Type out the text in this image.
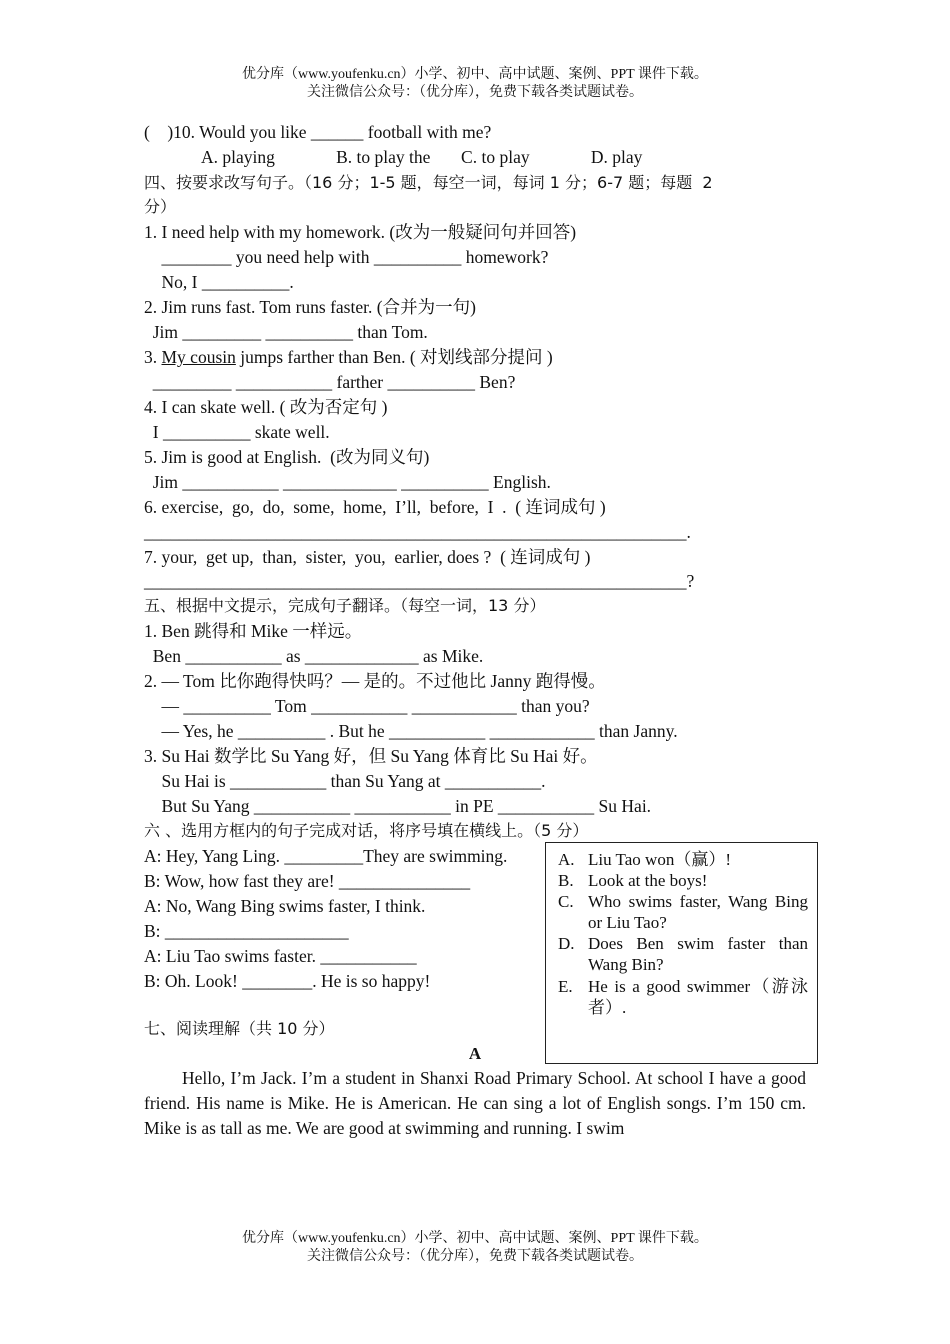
优分库（www.youfenku.cn）小学、初中、高中试题、案例、PPT 课件下载。
关注微信公众号：（优分库），免费下载各类试题试卷。
(    )10. Would you like ______ football with me?
A. playing              B. to play the       C. to play              D. play
四、按要求改写句子。（16 分；1-5 题，每空一词，每词 1 分；6-7 题；每题  2
分）
1. I need help with my homework. (改为一般疑问句并回答)
________ you need help with __________ homework?
No, I __________.
2. Jim runs fast. Tom runs faster. (合并为一句)
Jim _________ __________ than Tom.
3. My cousin jumps farther than Ben. ( 对划线部分提问 )
_________ ___________ farther __________ Ben?
4. I can skate well. ( 改为否定句 )
I __________ skate well.
5. Jim is good at English.  (改为同义句)
Jim ___________ _____________ __________ English.
6. exercise,  go,  do,  some,  home,  I’ll,  before,  I  .  ( 连词成句 )
______________________________________________________________.
7. your,  get up,  than,  sister,  you,  earlier, does ?  ( 连词成句 )
______________________________________________________________?
五、根据中文提示，完成句子翻译。（每空一词，13 分）
1. Ben 跳得和 Mike 一样远。
Ben ___________ as _____________ as Mike.
2. — Tom 比你跑得快吗？— 是的。不过他比 Janny 跑得慢。
— __________ Tom ___________ ____________ than you?
— Yes, he __________ . But he ___________ ____________ than Janny.
3. Su Hai 数学比 Su Yang 好，但 Su Yang 体育比 Su Hai 好。
Su Hai is ___________ than Su Yang at ___________.
But Su Yang ___________ ___________ in PE ___________ Su Hai.
六 、选用方框内的句子完成对话，将序号填在横线上。（5 分）
A: Hey, Yang Ling. _________They are swimming.
B: Wow, how fast they are! _______________
A: No, Wang Bing swims faster, I think.
B: _____________________
A: Liu Tao swims faster. ___________
B: Oh. Look! ________. He is so happy!
A. Liu Tao won（赢）!
B. Look at the boys!
C. Who swims faster, Wang Bing or Liu Tao?
D. Does Ben swim faster than Wang Bin?
E. He is a good swimmer（游泳者）.
七、阅读理解（共 10 分）
A
Hello, I’m Jack. I’m a student in Shanxi Road Primary School. At school I have a good friend. His name is Mike. He is American. He can sing a lot of English songs. I’m 150 cm. Mike is as tall as me. We are good at swimming and running. I swim
优分库（www.youfenku.cn）小学、初中、高中试题、案例、PPT 课件下载。
关注微信公众号：（优分库），免费下载各类试题试卷。
